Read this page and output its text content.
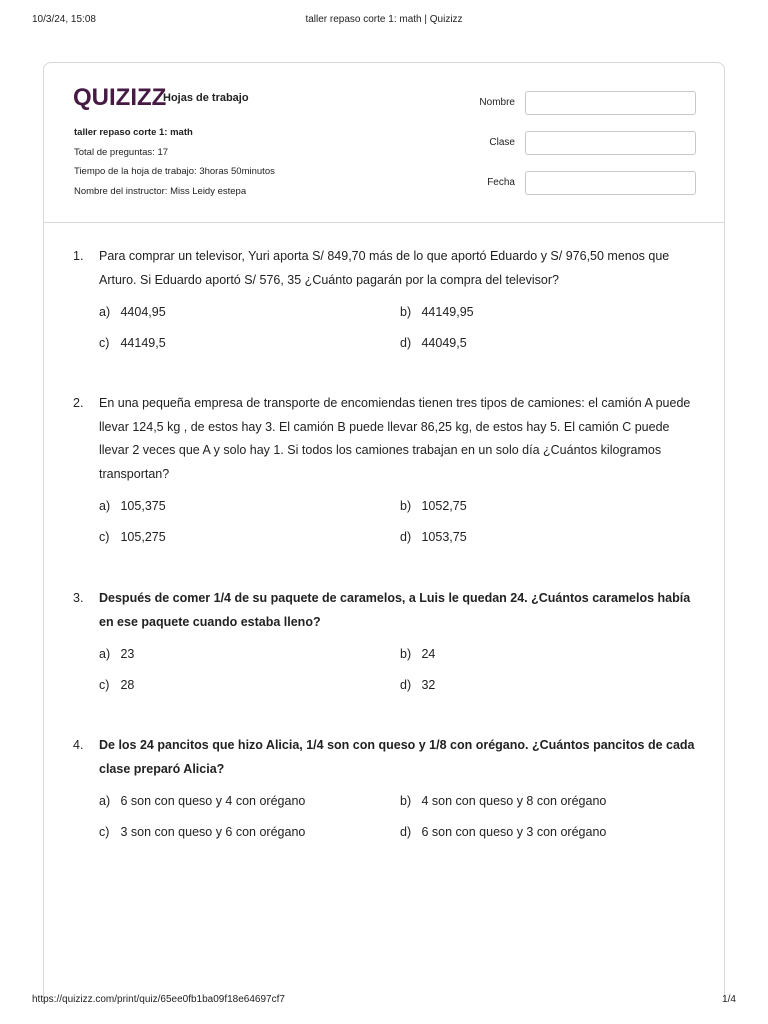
10/3/24, 15:08	taller repaso corte 1: math | Quizizz
QUIZIZZ
Hojas de trabajo
taller repaso corte 1: math
Total de preguntas: 17
Tiempo de la hoja de trabajo: 3horas 50minutos
Nombre del instructor: Miss Leidy estepa
Nombre
Clase
Fecha
1. Para comprar un televisor, Yuri aporta S/ 849,70 más de lo que aportó Eduardo y S/ 976,50 menos que Arturo. Si Eduardo aportó S/ 576, 35 ¿Cuánto pagarán por la compra del televisor?
a) 4404,95	b) 44149,95
c) 44149,5	d) 44049,5
2. En una pequeña empresa de transporte de encomiendas tienen tres tipos de camiones: el camión A puede llevar 124,5 kg , de estos hay 3. El camión B puede llevar 86,25 kg, de estos hay 5. El camión C puede llevar 2 veces que A y solo hay 1. Si todos los camiones trabajan en un solo día ¿Cuántos kilogramos transportan?
a) 105,375	b) 1052,75
c) 105,275	d) 1053,75
3. Después de comer 1/4 de su paquete de caramelos, a Luis le quedan 24. ¿Cuántos caramelos había en ese paquete cuando estaba lleno?
a) 23	b) 24
c) 28	d) 32
4. De los 24 pancitos que hizo Alicia, 1/4 son con queso y 1/8 con orégano. ¿Cuántos pancitos de cada clase preparó Alicia?
a) 6 son con queso y 4 con orégano	b) 4 son con queso y 8 con orégano
c) 3 son con queso y 6 con orégano	d) 6 son con queso y 3 con orégano
https://quizizz.com/print/quiz/65ee0fb1ba09f18e64697cf7	1/4
